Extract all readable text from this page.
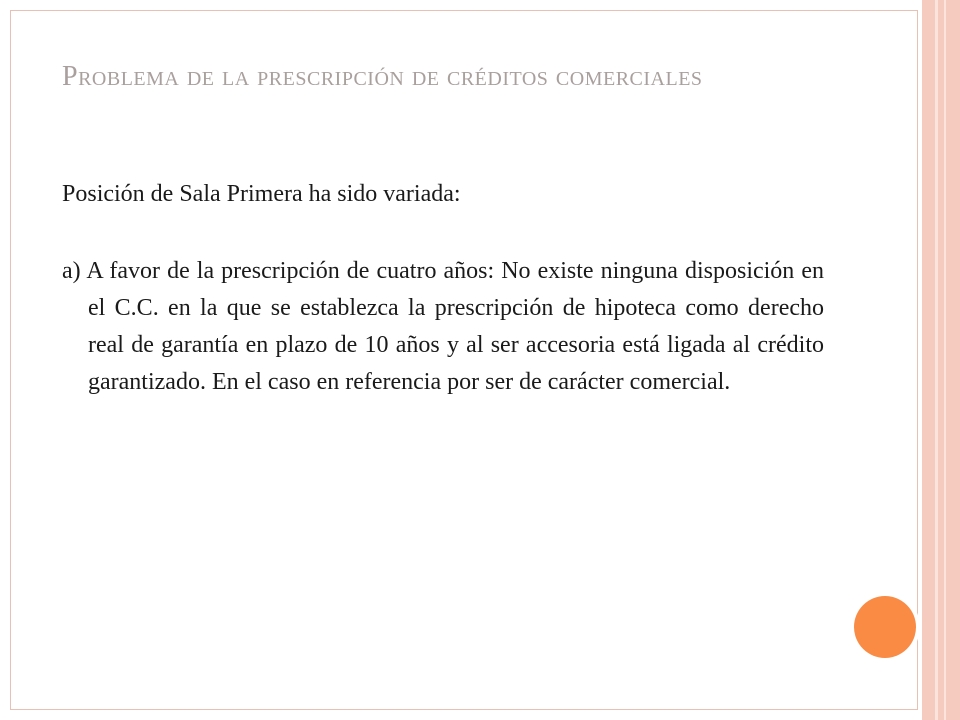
Problema de la prescripción de créditos comerciales

Posición de Sala Primera ha sido variada:

a) A favor de la prescripción de cuatro años: No existe ninguna disposición en el C.C. en la que se establezca la prescripción de hipoteca como derecho real de garantía en plazo de 10 años y al ser accesoria está ligada al crédito garantizado. En el caso en referencia por ser de carácter comercial.
